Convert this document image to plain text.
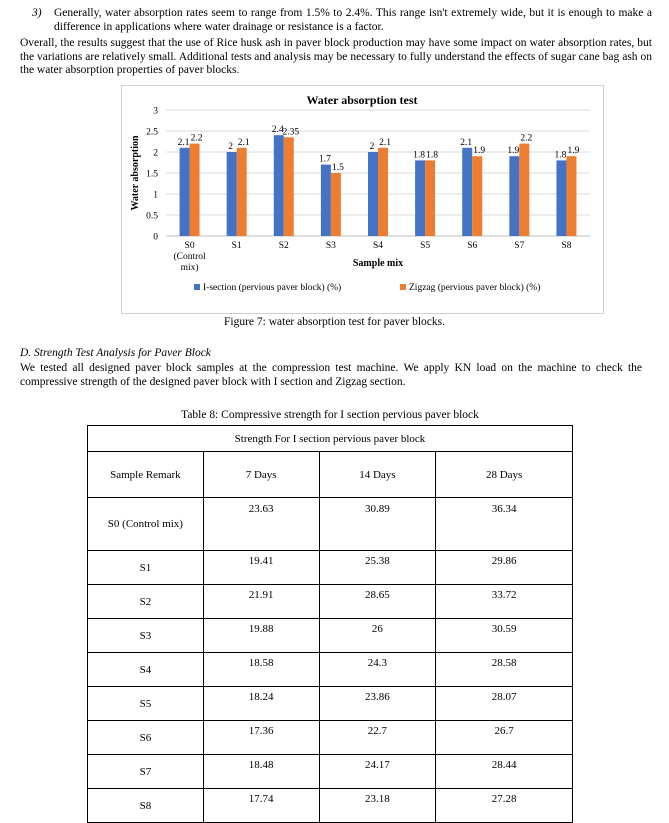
3) Generally, water absorption rates seem to range from 1.5% to 2.4%. This range isn't extremely wide, but it is enough to make a difference in applications where water drainage or resistance is a factor.
Overall, the results suggest that the use of Rice husk ash in paver block production may have some impact on water absorption rates, but the variations are relatively small. Additional tests and analysis may be necessary to fully understand the effects of sugar cane bag ash on the water absorption properties of paver blocks.
Water absorption test
0
0.5
1
1.5
2
2.5
3
Water absorption	2.1 2.2
S0
(Control
mix)
2 2.1
S1
2.4
2.35
S2
1.7
1.5
S3
2 2.1
S4
1.8 1.8
S5
2.1
1.9
S6
1.9
2.2
S7
1.8 1.9
S8
Sample mix
I-section (pervious paver block) (%)	Zigzag (pervious paver block) (%)
Figure 7: water absorption test for paver blocks.
D. Strength Test Analysis for Paver Block
We tested all designed paver block samples at the compression test machine. We apply KN load on the machine to check the compressive strength of the designed paver block with I section and Zigzag section.
Table 8: Compressive strength for I section pervious paver block
Strength For I section pervious paver block			
Sample Remark	7 Days	14 Days	28 Days
S0 (Control mix)	23.63	30.89	36.34
S1	19.41	25.38	29.86
S2	21.91	28.65	33.72
S3	19.88	26	30.59
S4	18.58	24.3	28.58
S5	18.24	23.86	28.07
S6	17.36	22.7	26.7
S7	18.48	24.17	28.44
S8	17.74	23.18	27.28
